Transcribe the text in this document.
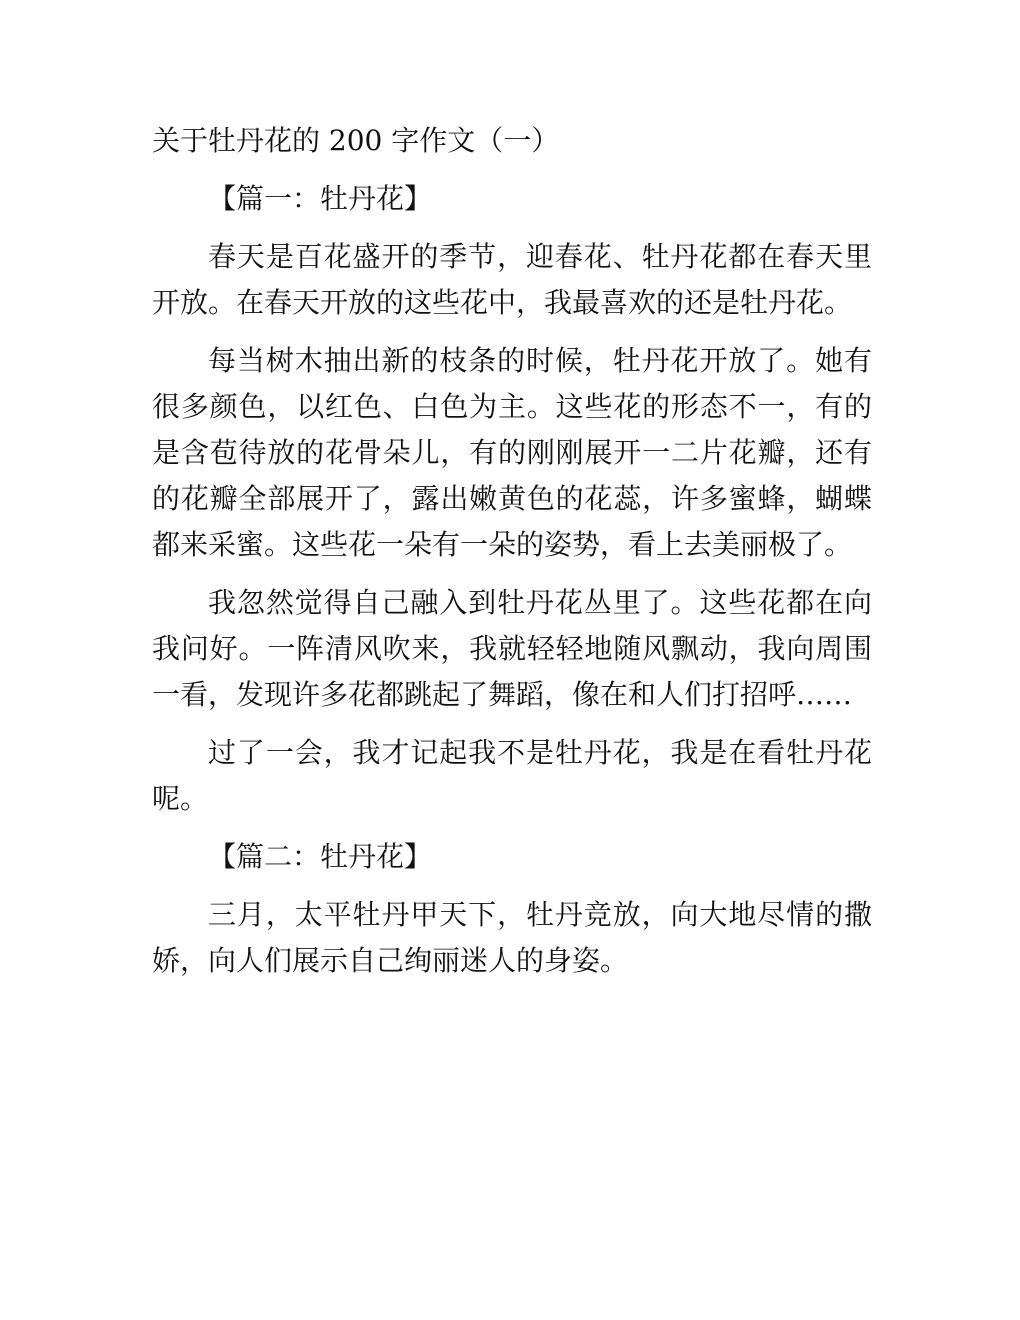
关于牡丹花的 200 字作文（一）
【篇一：牡丹花】

春天是百花盛开的季节，迎春花、牡丹花都在春天里开放。在春天开放的这些花中，我最喜欢的还是牡丹花。

每当树木抽出新的枝条的时候，牡丹花开放了。她有很多颜色，以红色、白色为主。这些花的形态不一，有的是含苞待放的花骨朵儿，有的刚刚展开一二片花瓣，还有的花瓣全部展开了，露出嫩黄色的花蕊，许多蜜蜂，蝴蝶都来采蜜。这些花一朵有一朵的姿势，看上去美丽极了。

我忽然觉得自己融入到牡丹花丛里了。这些花都在向我问好。一阵清风吹来，我就轻轻地随风飘动，我向周围一看，发现许多花都跳起了舞蹈，像在和人们打招呼……

过了一会，我才记起我不是牡丹花，我是在看牡丹花呢。

【篇二：牡丹花】

三月，太平牡丹甲天下，牡丹竞放，向大地尽情的撒娇，向人们展示自己绚丽迷人的身姿。
